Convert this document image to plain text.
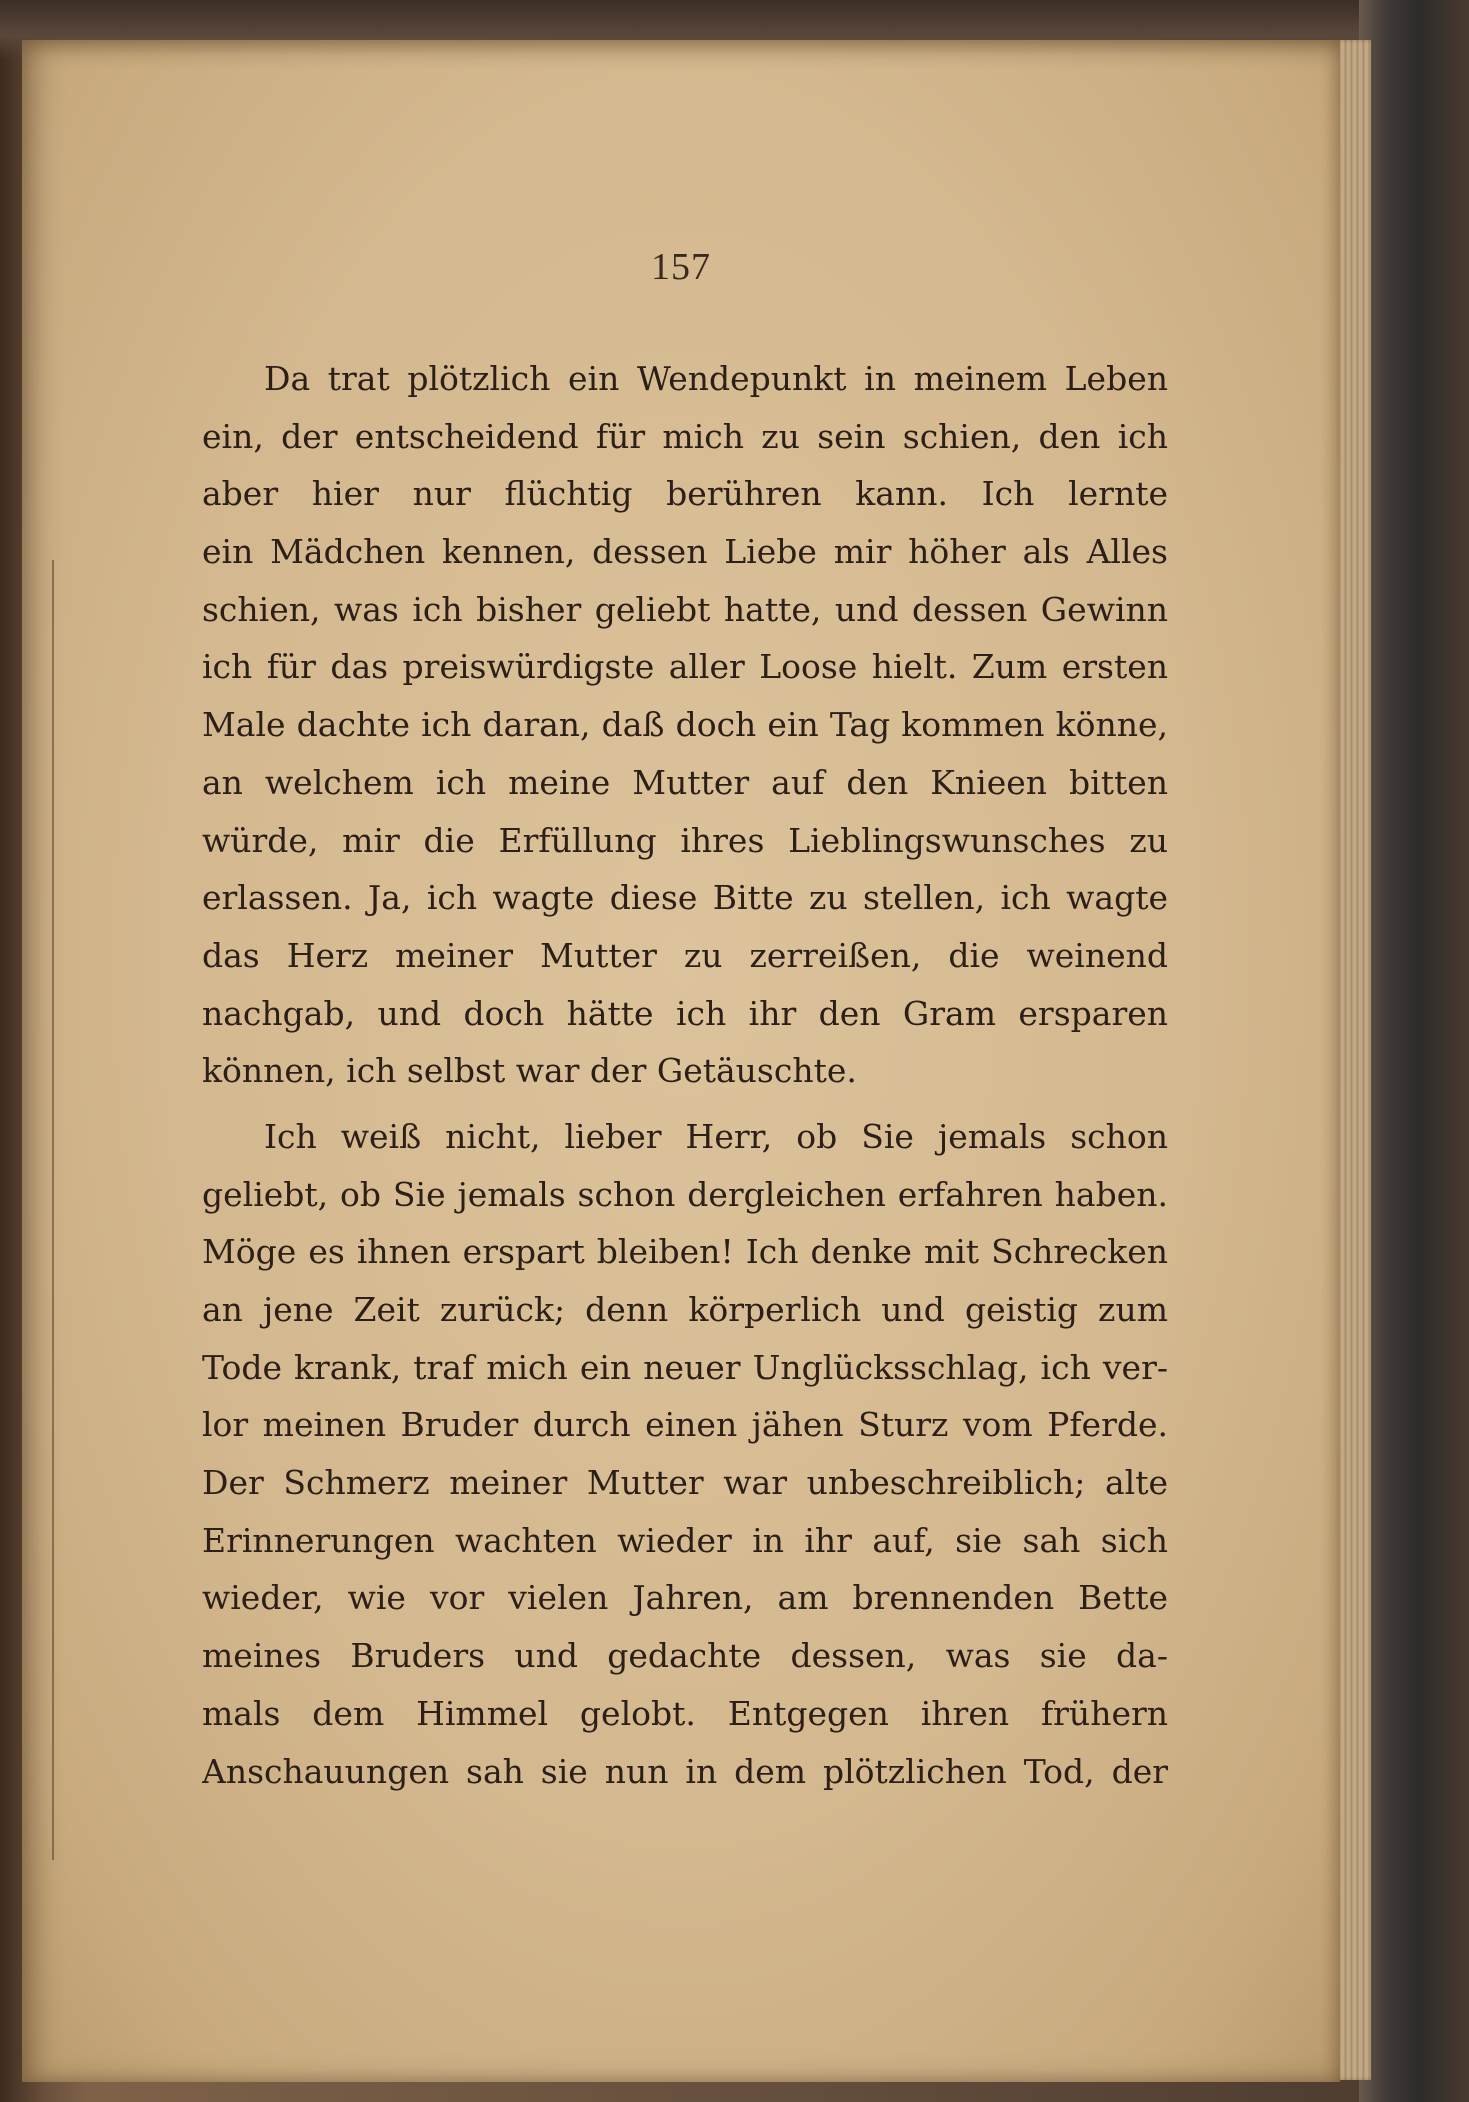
157
Da trat plötzlich ein Wendepunkt in meinem Leben
ein, der entscheidend für mich zu sein schien, den ich
aber hier nur flüchtig berühren kann. Ich lernte
ein Mädchen kennen, dessen Liebe mir höher als Alles
schien, was ich bisher geliebt hatte, und dessen Gewinn
ich für das preiswürdigste aller Loose hielt. Zum ersten
Male dachte ich daran, daß doch ein Tag kommen könne,
an welchem ich meine Mutter auf den Knieen bitten
würde, mir die Erfüllung ihres Lieblingswunsches zu
erlassen. Ja, ich wagte diese Bitte zu stellen, ich wagte
das Herz meiner Mutter zu zerreißen, die weinend
nachgab, und doch hätte ich ihr den Gram ersparen
können, ich selbst war der Getäuschte.
Ich weiß nicht, lieber Herr, ob Sie jemals schon
geliebt, ob Sie jemals schon dergleichen erfahren haben.
Möge es ihnen erspart bleiben! Ich denke mit Schrecken
an jene Zeit zurück; denn körperlich und geistig zum
Tode krank, traf mich ein neuer Unglücksschlag, ich ver-
lor meinen Bruder durch einen jähen Sturz vom Pferde.
Der Schmerz meiner Mutter war unbeschreiblich; alte
Erinnerungen wachten wieder in ihr auf, sie sah sich
wieder, wie vor vielen Jahren, am brennenden Bette
meines Bruders und gedachte dessen, was sie da-
mals dem Himmel gelobt. Entgegen ihren frühern
Anschauungen sah sie nun in dem plötzlichen Tod, der
